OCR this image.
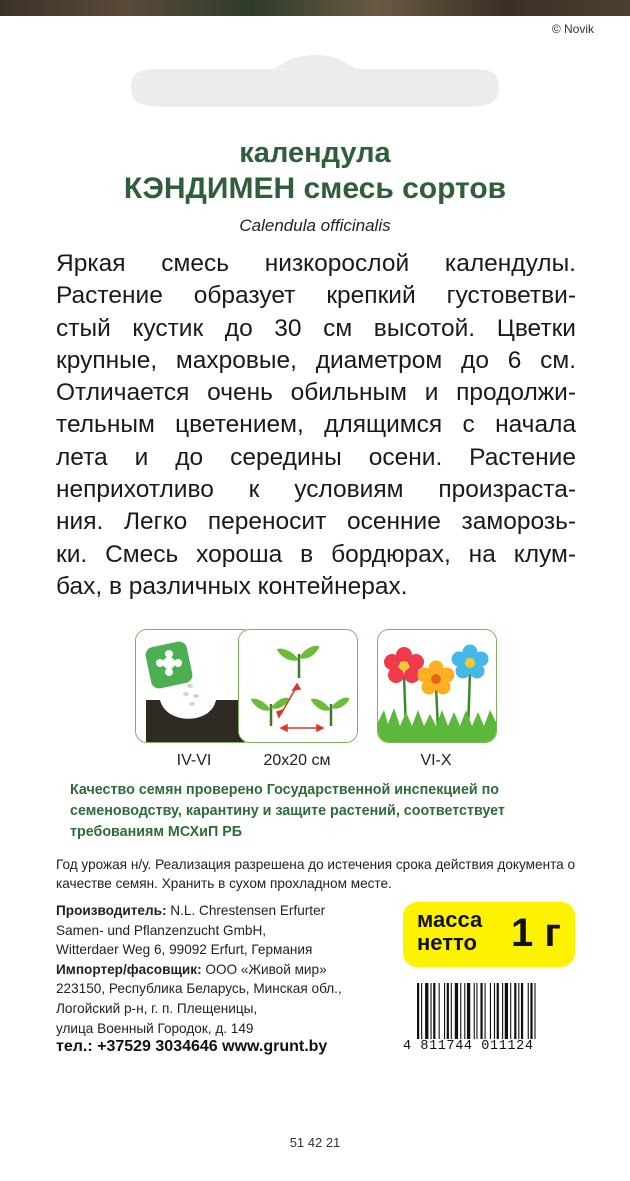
© Novik
календула
КЭНДИМЕН смесь сортов
Calendula officinalis
Яркая смесь низкорослой календулы.
Растение образует крепкий густоветви-
стый кустик до 30 см высотой. Цветки
крупные, махровые, диаметром до 6 см.
Отличается очень обильным и продолжи-
тельным цветением, длящимся с начала
лета и до середины осени. Растение
неприхотливо к условиям произраста-
ния. Легко переносит осенние заморозь-
ки. Смесь хороша в бордюрах, на клум-
бах, в различных контейнерах.
IV-VI	20x20 см	VI-X

Качество семян проверено Государственной инспекцией по семеноводству, карантину и защите растений, соответствует требованиям МСХиП РБ

Год урожая н/у. Реализация разрешена до истечения срока действия документа о качестве семян. Хранить в сухом прохладном месте.

Производитель: N.L. Chrestensen Erfurter
Samen- und Pflanzenzucht GmbH,
Witterdaer Weg 6, 99092 Erfurt, Германия
Импортер/фасовщик: ООО «Живой мир»
223150, Республика Беларусь, Минская обл.,
Логойский р-н, г. п. Плещеницы,
улица Военный Городок, д. 149

тел.: +37529 3034646 www.grunt.by
масса
нетто 1 г
4 811744 011124
51 42 21
